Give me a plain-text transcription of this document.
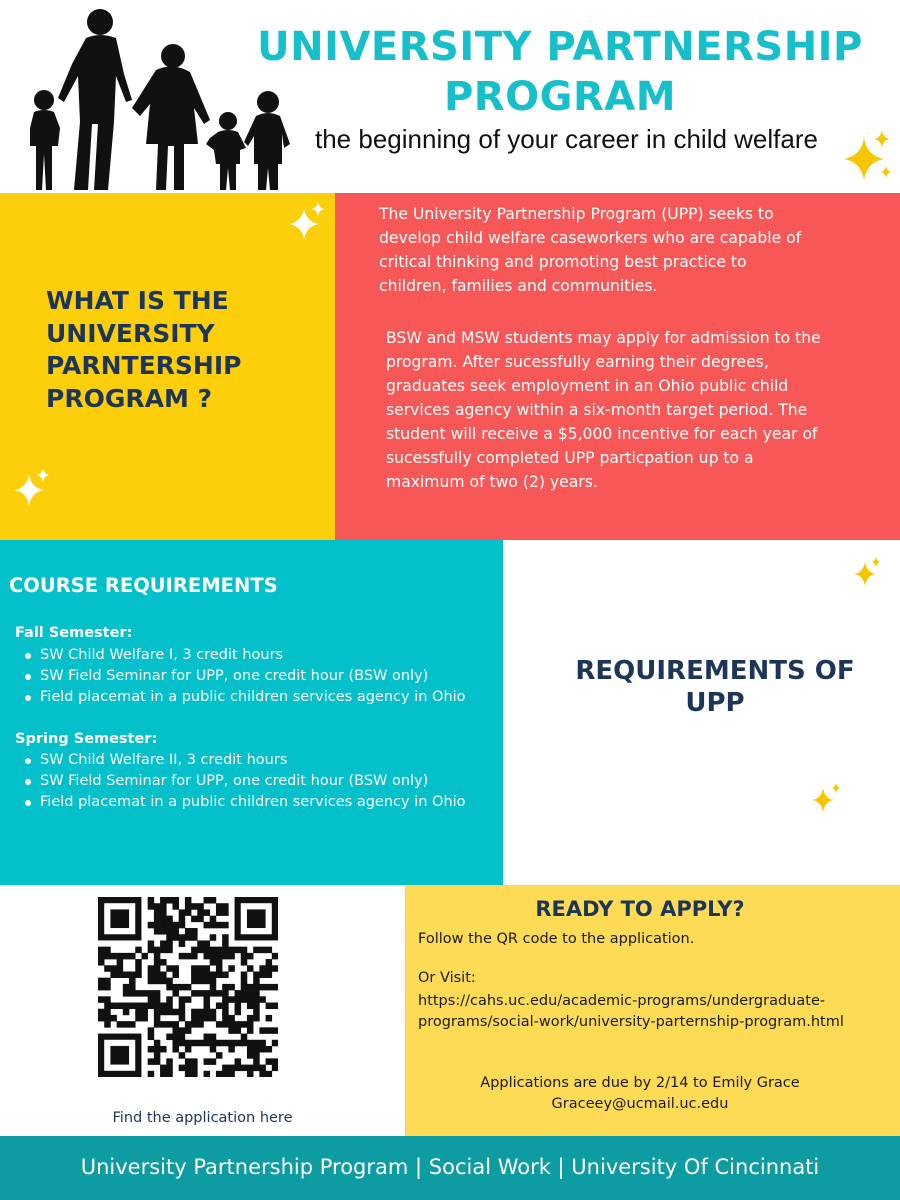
UNIVERSITY PARTNERSHIP
PROGRAM
the beginning of your career in child welfare
WHAT IS THE
UNIVERSITY
PARNTERSHIP
PROGRAM ?
The University Partnership Program (UPP) seeks to
develop child welfare caseworkers who are capable of
critical thinking and promoting best practice to
children, families and communities.
BSW and MSW students may apply for admission to the
program. After sucessfully earning their degrees,
graduates seek employment in an Ohio public child
services agency within a six-month target period. The
student will receive a $5,000 incentive for each year of
sucessfully completed UPP particpation up to a
maximum of two (2) years.
COURSE REQUIREMENTS
Fall Semester:
SW Child Welfare I, 3 credit hours
SW Field Seminar for UPP, one credit hour (BSW only)
Field placemat in a public children services agency in Ohio
Spring Semester:
SW Child Welfare II, 3 credit hours
SW Field Seminar for UPP, one credit hour (BSW only)
Field placemat in a public children services agency in Ohio
REQUIREMENTS OF
UPP
Find the application here
READY TO APPLY?
Follow the QR code to the application.
Or Visit:
https://cahs.uc.edu/academic-programs/undergraduate-
programs/social-work/university-parternship-program.html
Applications are due by 2/14 to Emily Grace
Graceey@ucmail.uc.edu
University Partnership Program | Social Work | University Of Cincinnati
